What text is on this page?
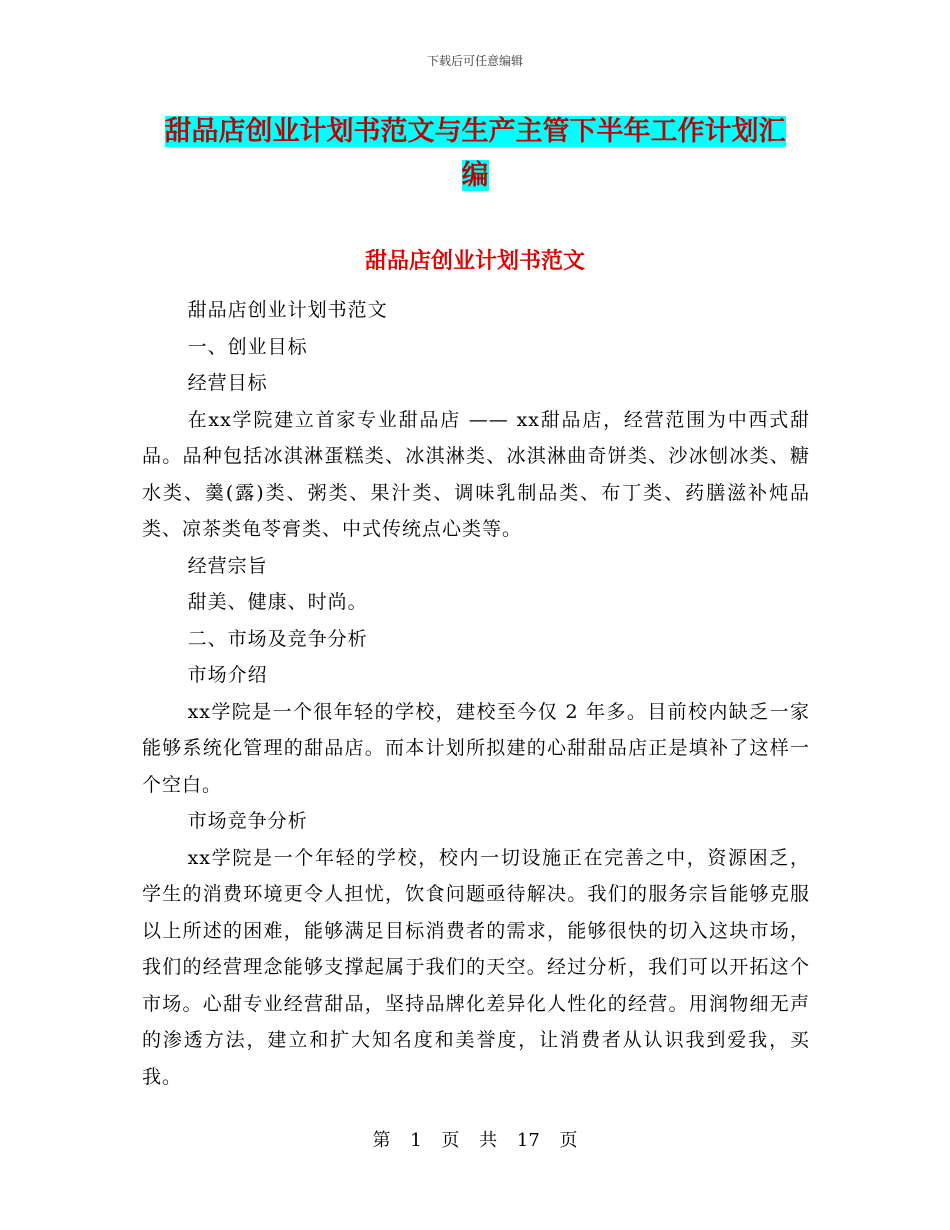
下载后可任意编辑
甜品店创业计划书范文与生产主管下半年工作计划汇
编
甜品店创业计划书范文

甜品店创业计划书范文

一、创业目标

经营目标

在xx学院建立首家专业甜品店 —— xx甜品店，经营范围为中西式甜品。品种包括冰淇淋蛋糕类、冰淇淋类、冰淇淋曲奇饼类、沙冰刨冰类、糖水类、羹(露)类、粥类、果汁类、调味乳制品类、布丁类、药膳滋补炖品类、凉茶类龟苓膏类、中式传统点心类等。

经营宗旨

甜美、健康、时尚。

二、市场及竞争分析

市场介绍

xx学院是一个很年轻的学校，建校至今仅 2 年多。目前校内缺乏一家能够系统化管理的甜品店。而本计划所拟建的心甜甜品店正是填补了这样一个空白。

市场竞争分析

xx学院是一个年轻的学校，校内一切设施正在完善之中，资源困乏，学生的消费环境更令人担忧，饮食问题亟待解决。我们的服务宗旨能够克服以上所述的困难，能够满足目标消费者的需求，能够很快的切入这块市场，我们的经营理念能够支撑起属于我们的天空。经过分析，我们可以开拓这个市场。心甜专业经营甜品，坚持品牌化差异化人性化的经营。用润物细无声的渗透方法，建立和扩大知名度和美誉度，让消费者从认识我到爱我，买我。

第 1 页 共 17 页
